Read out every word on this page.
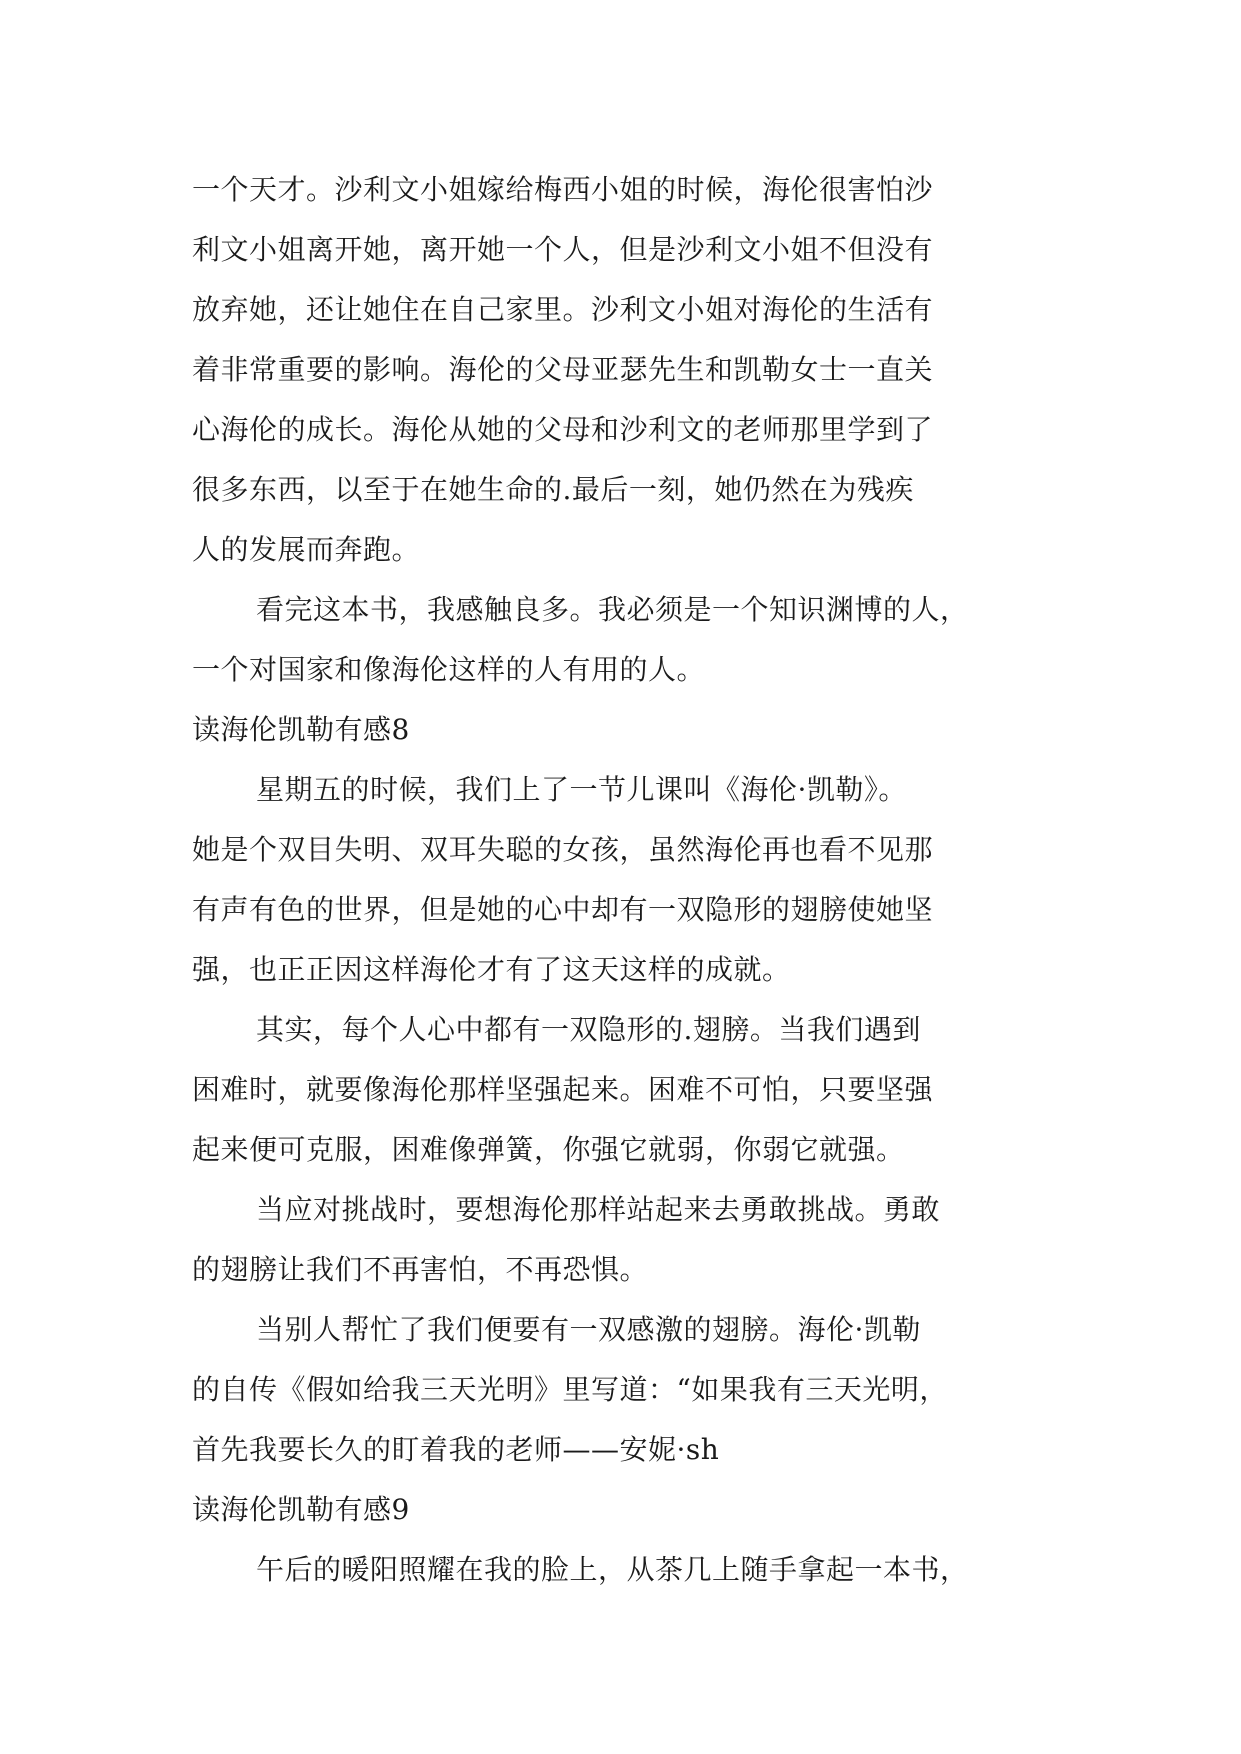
一个天才。沙利文小姐嫁给梅西小姐的时候，海伦很害怕沙
利文小姐离开她，离开她一个人，但是沙利文小姐不但没有
放弃她，还让她住在自己家里。沙利文小姐对海伦的生活有
着非常重要的影响。海伦的父母亚瑟先生和凯勒女士一直关
心海伦的成长。海伦从她的父母和沙利文的老师那里学到了
很多东西，以至于在她生命的.最后一刻，她仍然在为残疾
人的发展而奔跑。
看完这本书，我感触良多。我必须是一个知识渊博的人，
一个对国家和像海伦这样的人有用的人。
读海伦凯勒有感8
星期五的时候，我们上了一节儿课叫《海伦·凯勒》。
她是个双目失明、双耳失聪的女孩，虽然海伦再也看不见那
有声有色的世界，但是她的心中却有一双隐形的翅膀使她坚
强，也正正因这样海伦才有了这天这样的成就。
其实，每个人心中都有一双隐形的.翅膀。当我们遇到
困难时，就要像海伦那样坚强起来。困难不可怕，只要坚强
起来便可克服，困难像弹簧，你强它就弱，你弱它就强。
当应对挑战时，要想海伦那样站起来去勇敢挑战。勇敢
的翅膀让我们不再害怕，不再恐惧。
当别人帮忙了我们便要有一双感激的翅膀。海伦·凯勒
的自传《假如给我三天光明》里写道：“如果我有三天光明，
首先我要长久的盯着我的老师——安妮·sh
读海伦凯勒有感9
午后的暖阳照耀在我的脸上，从茶几上随手拿起一本书，
